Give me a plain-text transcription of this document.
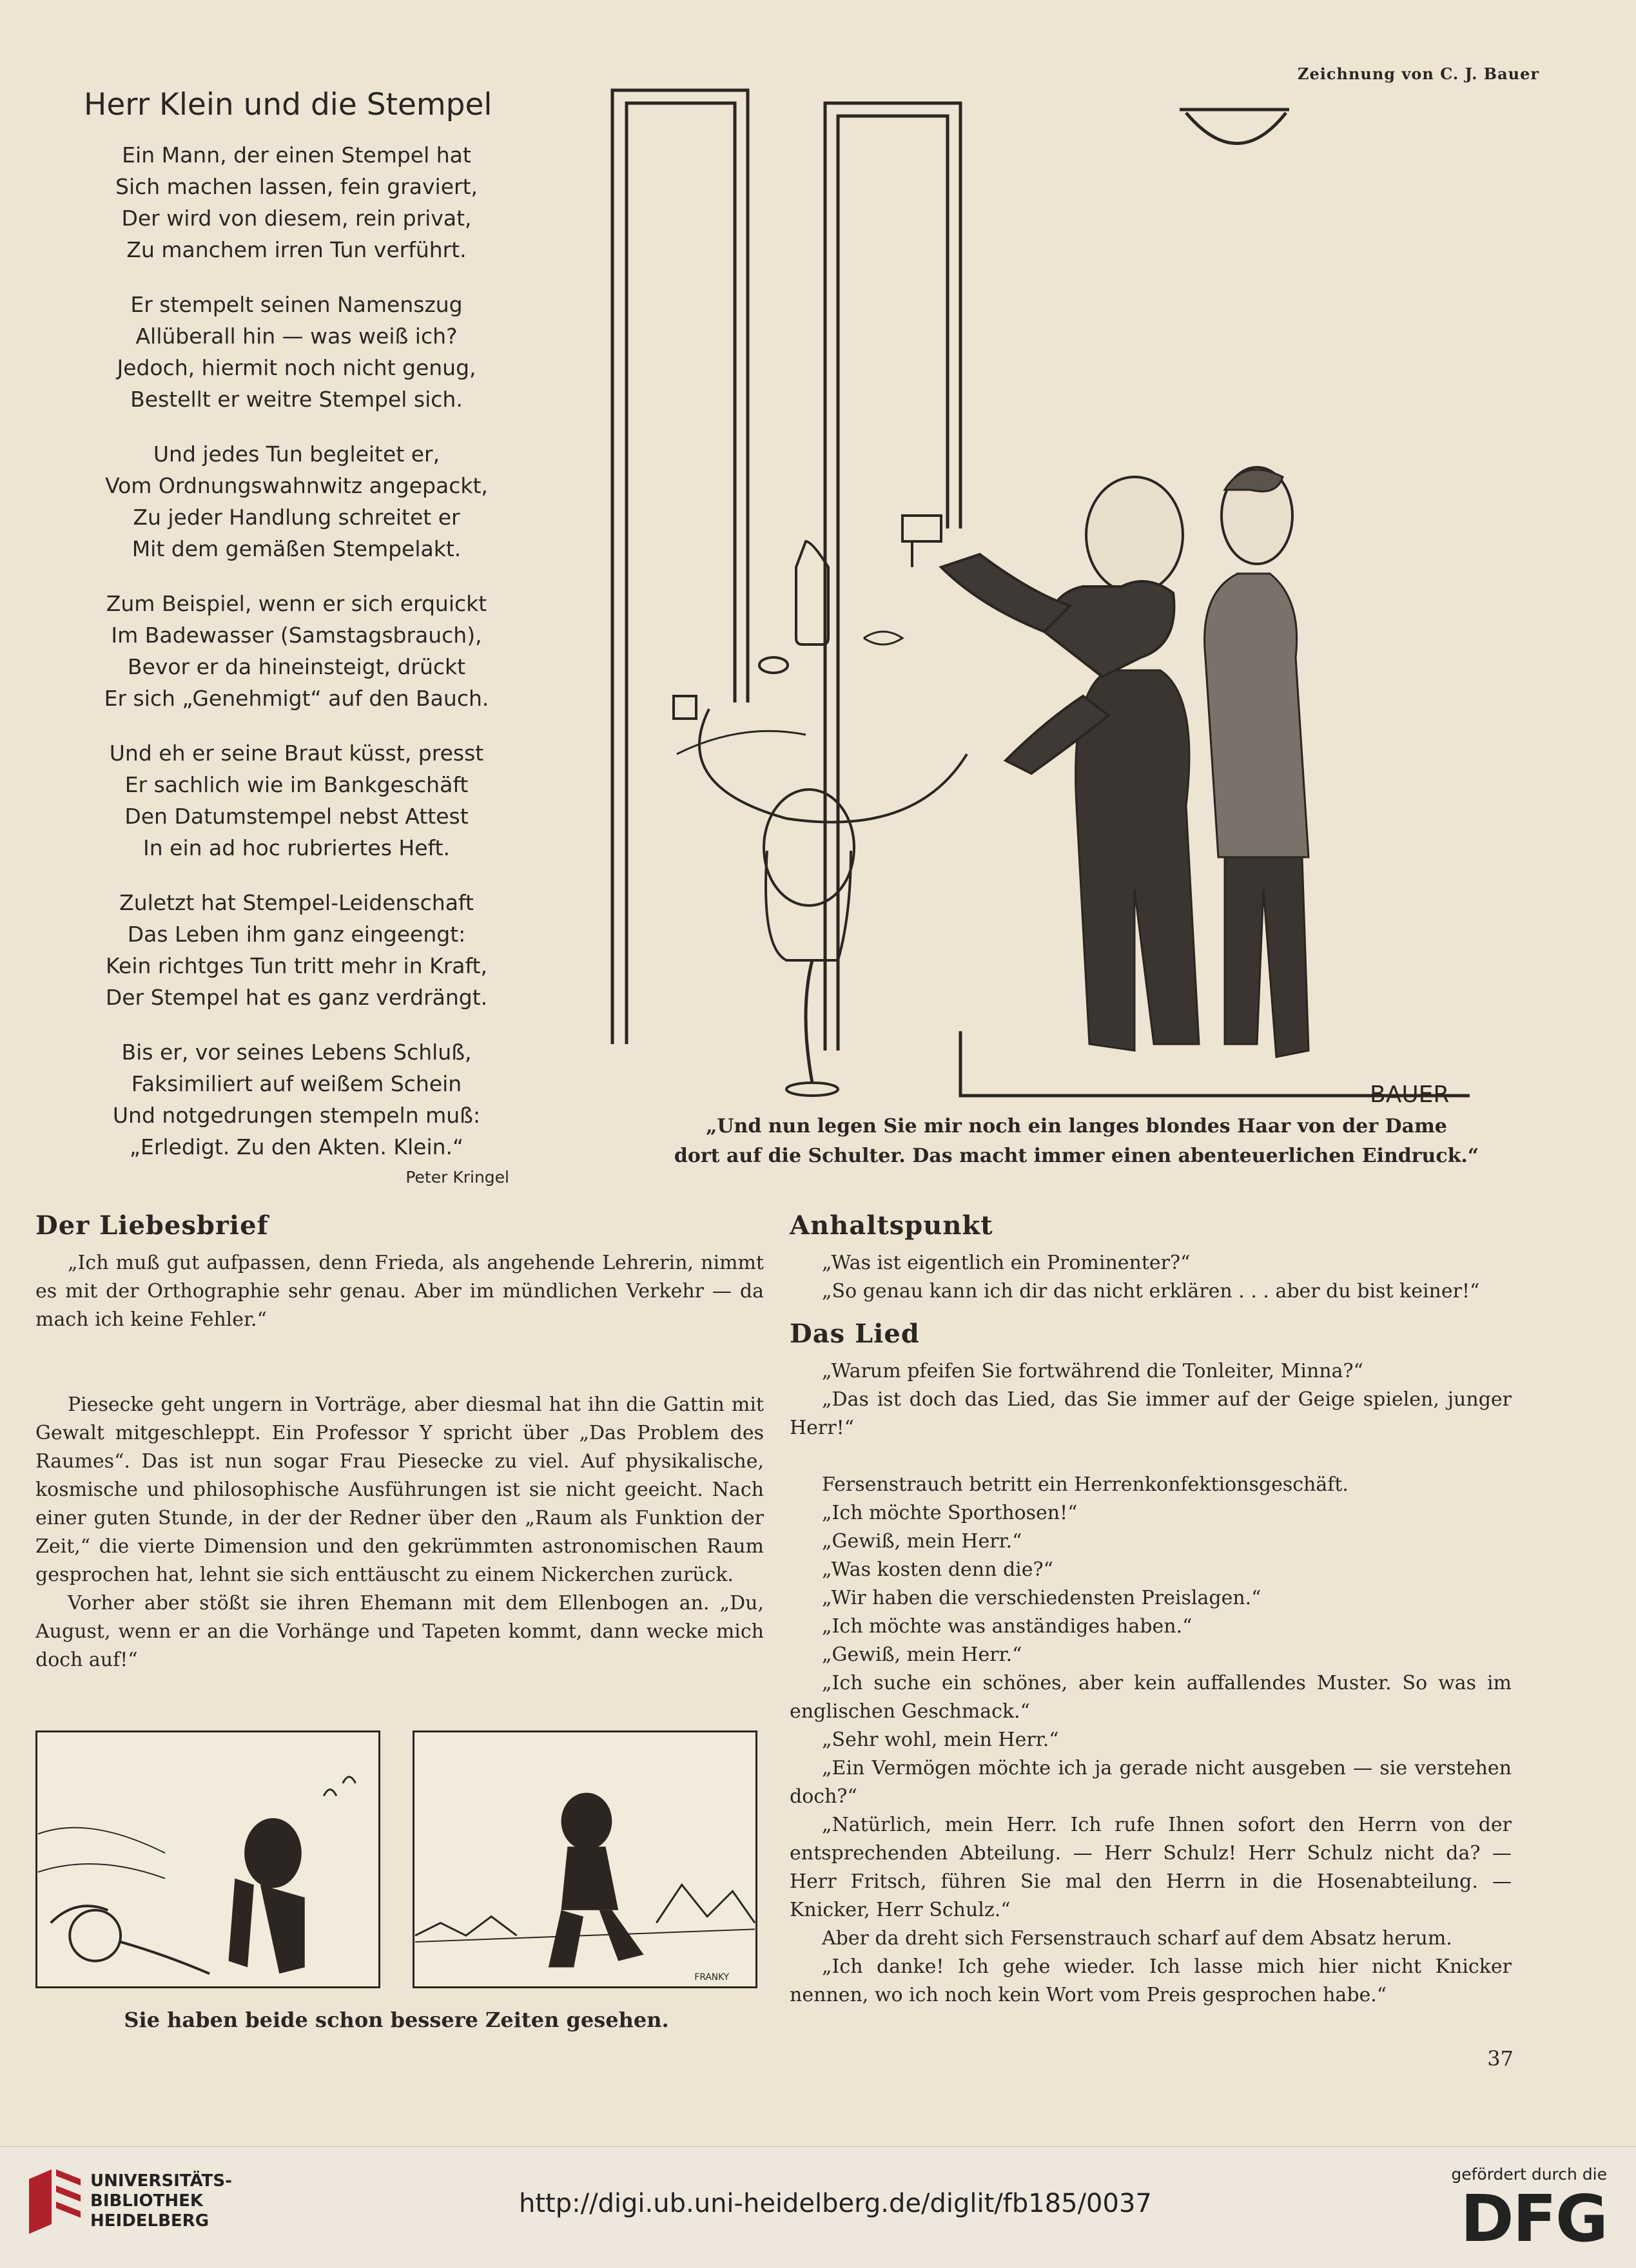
Zeichnung von C. J. Bauer
Herr Klein und die Stempel
Ein Mann, der einen Stempel hat
Sich machen lassen, fein graviert,
Der wird von diesem, rein privat,
Zu manchem irren Tun verführt.
Er stempelt seinen Namenszug
Allüberall hin — was weiß ich?
Jedoch, hiermit noch nicht genug,
Bestellt er weitre Stempel sich.
Und jedes Tun begleitet er,
Vom Ordnungswahnwitz angepackt,
Zu jeder Handlung schreitet er
Mit dem gemäßen Stempelakt.
Zum Beispiel, wenn er sich erquickt
Im Badewasser (Samstagsbrauch),
Bevor er da hineinsteigt, drückt
Er sich „Genehmigt“ auf den Bauch.
Und eh er seine Braut küsst, presst
Er sachlich wie im Bankgeschäft
Den Datumstempel nebst Attest
In ein ad hoc rubriertes Heft.
Zuletzt hat Stempel-Leidenschaft
Das Leben ihm ganz eingeengt:
Kein richtges Tun tritt mehr in Kraft,
Der Stempel hat es ganz verdrängt.
Bis er, vor seines Lebens Schluß,
Faksimiliert auf weißem Schein
Und notgedrungen stempeln muß:
„Erledigt. Zu den Akten. Klein.“
Peter Kringel
BAUER
„Und nun legen Sie mir noch ein langes blondes Haar von der Dame
dort auf die Schulter. Das macht immer einen abenteuerlichen Eindruck.“
Der Liebesbrief
„Ich muß gut aufpassen, denn Frieda, als angehende Lehrerin, nimmt es mit der Orthographie sehr genau. Aber im mündlichen Verkehr — da mach ich keine Fehler.“
Piesecke geht ungern in Vorträge, aber diesmal hat ihn die Gattin mit Gewalt mitgeschleppt. Ein Professor Y spricht über „Das Problem des Raumes“. Das ist nun sogar Frau Piesecke zu viel. Auf physikalische, kosmische und philosophische Ausführungen ist sie nicht geeicht. Nach einer guten Stunde, in der der Redner über den „Raum als Funktion der Zeit,“ die vierte Dimension und den gekrümmten astronomischen Raum gesprochen hat, lehnt sie sich enttäuscht zu einem Nickerchen zurück.
Vorher aber stößt sie ihren Ehemann mit dem Ellenbogen an. „Du, August, wenn er an die Vorhänge und Tapeten kommt, dann wecke mich doch auf!“
FRANKY
Sie haben beide schon bessere Zeiten gesehen.
Anhaltspunkt
„Was ist eigentlich ein Prominenter?“
„So genau kann ich dir das nicht erklären . . . aber du bist keiner!“
Das Lied
„Warum pfeifen Sie fortwährend die Tonleiter, Minna?“
„Das ist doch das Lied, das Sie immer auf der Geige spielen, junger Herr!“
Fersenstrauch betritt ein Herrenkonfektionsgeschäft.
„Ich möchte Sporthosen!“
„Gewiß, mein Herr.“
„Was kosten denn die?“
„Wir haben die verschiedensten Preislagen.“
„Ich möchte was anständiges haben.“
„Gewiß, mein Herr.“
„Ich suche ein schönes, aber kein auffallendes Muster. So was im englischen Geschmack.“
„Sehr wohl, mein Herr.“
„Ein Vermögen möchte ich ja gerade nicht ausgeben — sie verstehen doch?“
„Natürlich, mein Herr. Ich rufe Ihnen sofort den Herrn von der entsprechenden Abteilung. — Herr Schulz! Herr Schulz nicht da? — Herr Fritsch, führen Sie mal den Herrn in die Hosenabteilung. — Knicker, Herr Schulz.“
Aber da dreht sich Fersenstrauch scharf auf dem Absatz herum.
„Ich danke! Ich gehe wieder. Ich lasse mich hier nicht Knicker nennen, wo ich noch kein Wort vom Preis gesprochen habe.“
37
UNIVERSITÄTS-
BIBLIOTHEK
HEIDELBERG
http://digi.ub.uni-heidelberg.de/diglit/fb185/0037
gefördert durch die
DFG
